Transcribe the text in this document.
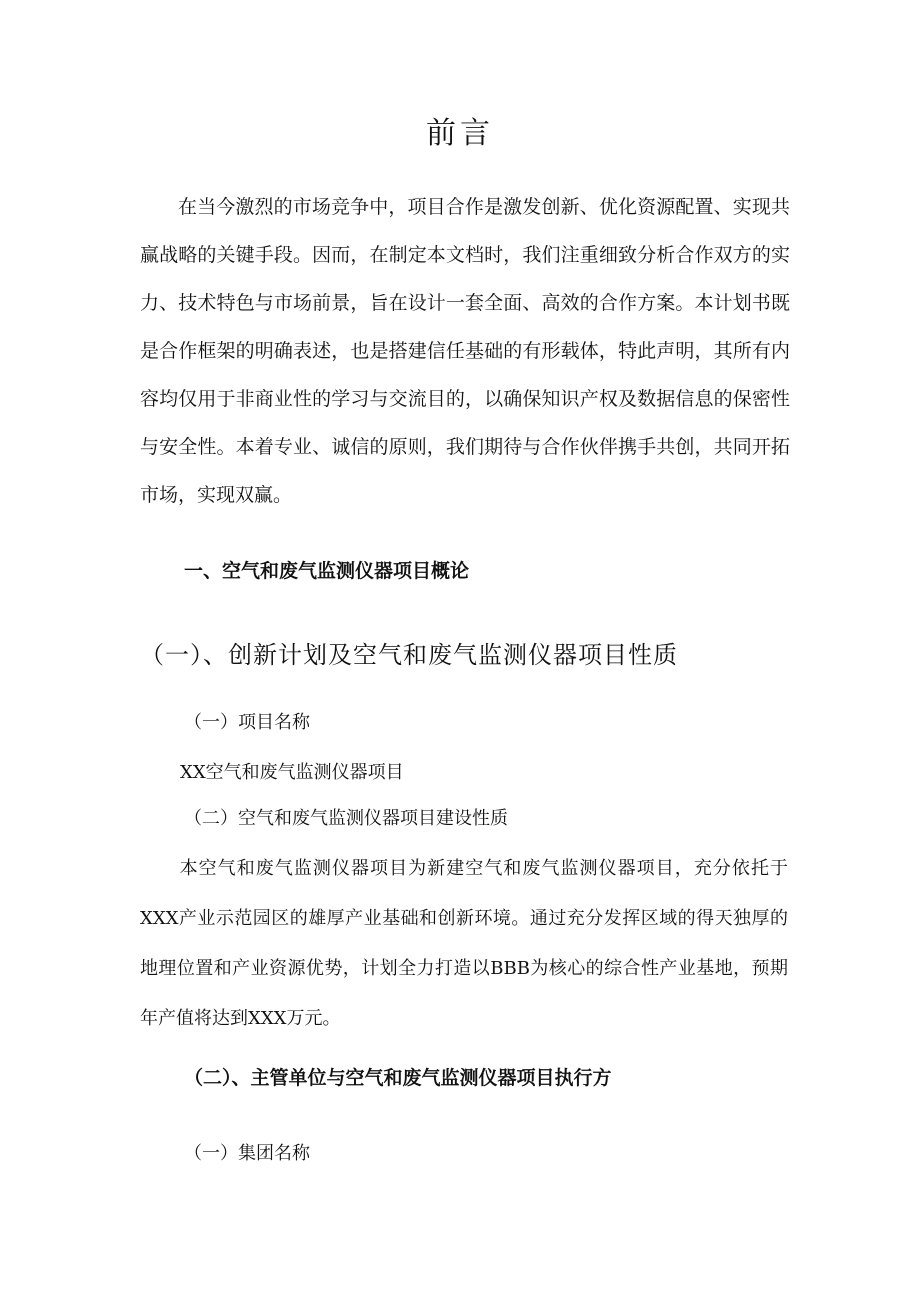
前言

在当今激烈的市场竞争中，项目合作是激发创新、优化资源配置、实现共赢战略的关键手段。因而，在制定本文档时，我们注重细致分析合作双方的实力、技术特色与市场前景，旨在设计一套全面、高效的合作方案。本计划书既是合作框架的明确表述，也是搭建信任基础的有形载体，特此声明，其所有内容均仅用于非商业性的学习与交流目的，以确保知识产权及数据信息的保密性与安全性。本着专业、诚信的原则，我们期待与合作伙伴携手共创，共同开拓市场，实现双赢。

一、空气和废气监测仪器项目概论
（一）、创新计划及空气和废气监测仪器项目性质
（一）项目名称
XX空气和废气监测仪器项目
（二）空气和废气监测仪器项目建设性质

本空气和废气监测仪器项目为新建空气和废气监测仪器项目，充分依托于XXX产业示范园区的雄厚产业基础和创新环境。通过充分发挥区域的得天独厚的地理位置和产业资源优势，计划全力打造以BBB为核心的综合性产业基地，预期年产值将达到XXX万元。

（二）、主管单位与空气和废气监测仪器项目执行方
（一）集团名称
